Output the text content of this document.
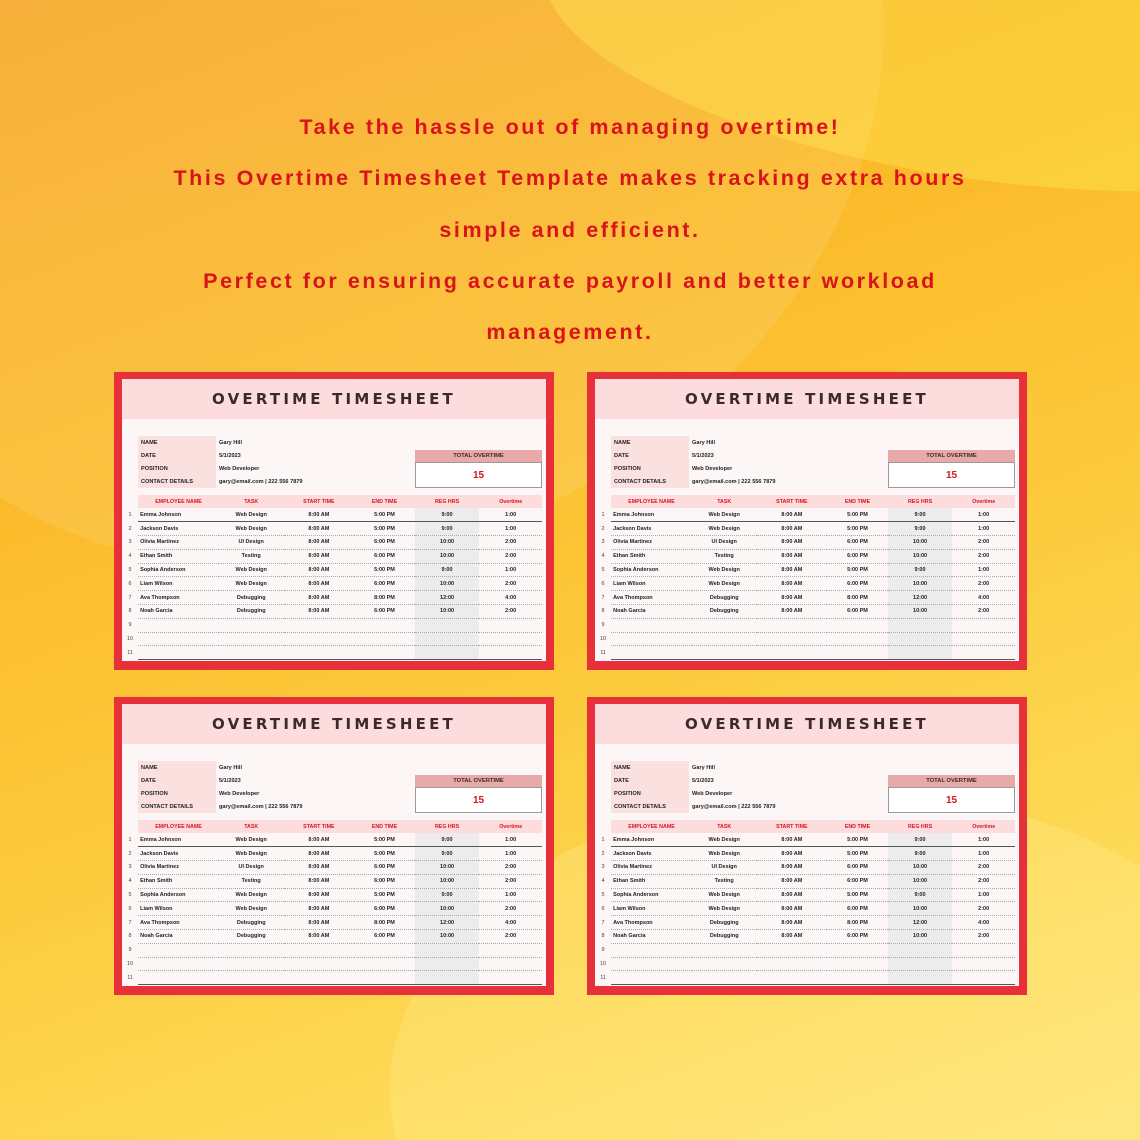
Take the hassle out of managing overtime!

This Overtime Timesheet Template makes tracking extra hours

simple and efficient.

Perfect for ensuring accurate payroll and better workload

management.

OVERTIME TIMESHEET
NAME	Gary Hill
DATE	5/1/2023
POSITION	Web Developer
CONTACT DETAILS	gary@email.com | 222 556 7879
TOTAL OVERTIME
15
	EMPLOYEE NAME	TASK	START TIME	END TIME	REG HRS	Overtime
1	Emma Johnson	Web Design	8:00 AM	5:00 PM	9:00	1:00
2	Jackson Davis	Web Design	8:00 AM	5:00 PM	9:00	1:00
3	Olivia Martinez	UI Design	8:00 AM	6:00 PM	10:00	2:00
4	Ethan Smith	Testing	8:00 AM	6:00 PM	10:00	2:00
5	Sophia Anderson	Web Design	8:00 AM	5:00 PM	9:00	1:00
6	Liam Wilson	Web Design	8:00 AM	6:00 PM	10:00	2:00
7	Ava Thompson	Debugging	8:00 AM	8:00 PM	12:00	4:00
8	Noah Garcia	Debugging	8:00 AM	6:00 PM	10:00	2:00
9						
10						
11						
OVERTIME TIMESHEET
NAME	Gary Hill
DATE	5/1/2023
POSITION	Web Developer
CONTACT DETAILS	gary@email.com | 222 556 7879
TOTAL OVERTIME
15
	EMPLOYEE NAME	TASK	START TIME	END TIME	REG HRS	Overtime
1	Emma Johnson	Web Design	8:00 AM	5:00 PM	9:00	1:00
2	Jackson Davis	Web Design	8:00 AM	5:00 PM	9:00	1:00
3	Olivia Martinez	UI Design	8:00 AM	6:00 PM	10:00	2:00
4	Ethan Smith	Testing	8:00 AM	6:00 PM	10:00	2:00
5	Sophia Anderson	Web Design	8:00 AM	5:00 PM	9:00	1:00
6	Liam Wilson	Web Design	8:00 AM	6:00 PM	10:00	2:00
7	Ava Thompson	Debugging	8:00 AM	8:00 PM	12:00	4:00
8	Noah Garcia	Debugging	8:00 AM	6:00 PM	10:00	2:00
9						
10						
11						
OVERTIME TIMESHEET
NAME	Gary Hill
DATE	5/1/2023
POSITION	Web Developer
CONTACT DETAILS	gary@email.com | 222 556 7879
TOTAL OVERTIME
15
	EMPLOYEE NAME	TASK	START TIME	END TIME	REG HRS	Overtime
1	Emma Johnson	Web Design	8:00 AM	5:00 PM	9:00	1:00
2	Jackson Davis	Web Design	8:00 AM	5:00 PM	9:00	1:00
3	Olivia Martinez	UI Design	8:00 AM	6:00 PM	10:00	2:00
4	Ethan Smith	Testing	8:00 AM	6:00 PM	10:00	2:00
5	Sophia Anderson	Web Design	8:00 AM	5:00 PM	9:00	1:00
6	Liam Wilson	Web Design	8:00 AM	6:00 PM	10:00	2:00
7	Ava Thompson	Debugging	8:00 AM	8:00 PM	12:00	4:00
8	Noah Garcia	Debugging	8:00 AM	6:00 PM	10:00	2:00
9						
10						
11						
OVERTIME TIMESHEET
NAME	Gary Hill
DATE	5/1/2023
POSITION	Web Developer
CONTACT DETAILS	gary@email.com | 222 556 7879
TOTAL OVERTIME
15
	EMPLOYEE NAME	TASK	START TIME	END TIME	REG HRS	Overtime
1	Emma Johnson	Web Design	8:00 AM	5:00 PM	9:00	1:00
2	Jackson Davis	Web Design	8:00 AM	5:00 PM	9:00	1:00
3	Olivia Martinez	UI Design	8:00 AM	6:00 PM	10:00	2:00
4	Ethan Smith	Testing	8:00 AM	6:00 PM	10:00	2:00
5	Sophia Anderson	Web Design	8:00 AM	5:00 PM	9:00	1:00
6	Liam Wilson	Web Design	8:00 AM	6:00 PM	10:00	2:00
7	Ava Thompson	Debugging	8:00 AM	8:00 PM	12:00	4:00
8	Noah Garcia	Debugging	8:00 AM	6:00 PM	10:00	2:00
9						
10						
11						
